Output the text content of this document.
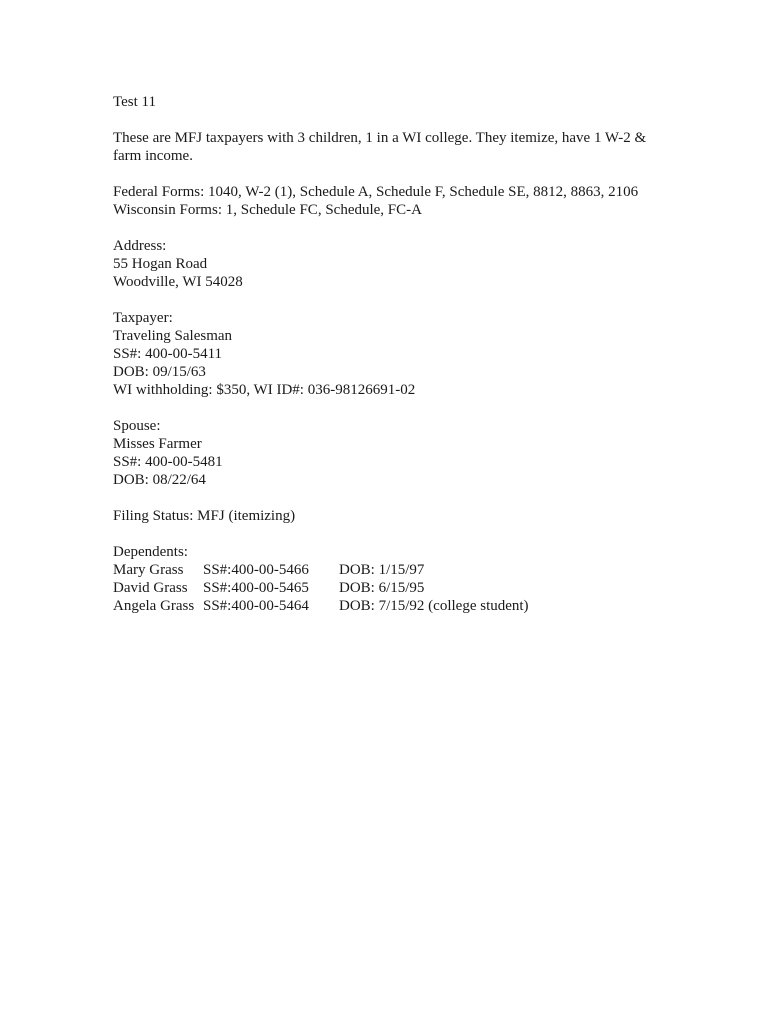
Test 11
These are MFJ taxpayers with 3 children, 1 in a WI college. They itemize, have 1 W-2 &
farm income.
Federal Forms: 1040, W-2 (1), Schedule A, Schedule F, Schedule SE, 8812, 8863, 2106
Wisconsin Forms: 1, Schedule FC, Schedule, FC-A
Address:
55 Hogan Road
Woodville, WI 54028
Taxpayer:
Traveling Salesman
SS#: 400-00-5411
DOB: 09/15/63
WI withholding: $350, WI ID#: 036-98126691-02
Spouse:
Misses Farmer
SS#: 400-00-5481
DOB: 08/22/64
Filing Status: MFJ (itemizing)
Dependents:
Mary Grass SS#:400-00-5466 DOB: 1/15/97
David Grass SS#:400-00-5465 DOB: 6/15/95
Angela Grass SS#:400-00-5464 DOB: 7/15/92 (college student)
